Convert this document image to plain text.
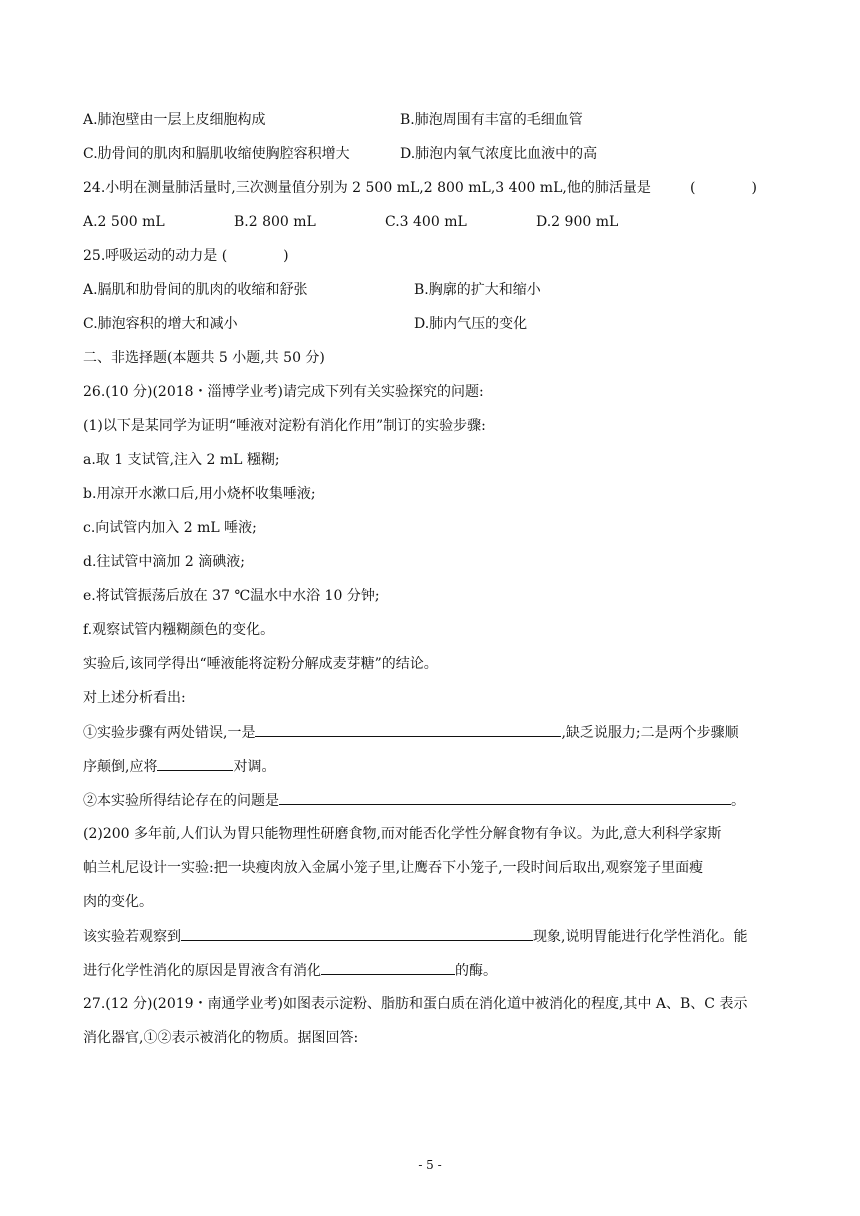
A.肺泡壁由一层上皮细胞构成	B.肺泡周围有丰富的毛细血管
C.肋骨间的肌肉和膈肌收缩使胸腔容积增大	D.肺泡内氧气浓度比血液中的高
24.小明在测量肺活量时,三次测量值分别为 2 500 mL,2 800 mL,3 400 mL,他的肺活量是	(　　　　)
A.2 500 mL	B.2 800 mL	C.3 400 mL	D.2 900 mL
25.呼吸运动的动力是 (　　　　)
A.膈肌和肋骨间的肌肉的收缩和舒张	B.胸廓的扩大和缩小
C.肺泡容积的增大和减小	D.肺内气压的变化
二、非选择题(本题共 5 小题,共 50 分)
26.(10 分)(2018・淄博学业考)请完成下列有关实验探究的问题:
(1)以下是某同学为证明“唾液对淀粉有消化作用”制订的实验步骤:
a.取 1 支试管,注入 2 mL 糨糊;
b.用凉开水漱口后,用小烧杯收集唾液;
c.向试管内加入 2 mL 唾液;
d.往试管中滴加 2 滴碘液;
e.将试管振荡后放在 37 ℃温水中水浴 10 分钟;
f.观察试管内糨糊颜色的变化。
实验后,该同学得出“唾液能将淀粉分解成麦芽糖”的结论。
对上述分析看出:
①实验步骤有两处错误,一是	,缺乏说服力;二是两个步骤顺
序颠倒,应将	对调。
②本实验所得结论存在的问题是	。
(2)200 多年前,人们认为胃只能物理性研磨食物,而对能否化学性分解食物有争议。为此,意大利科学家斯
帕兰札尼设计一实验:把一块瘦肉放入金属小笼子里,让鹰吞下小笼子,一段时间后取出,观察笼子里面瘦
肉的变化。
该实验若观察到	现象,说明胃能进行化学性消化。能
进行化学性消化的原因是胃液含有消化	的酶。
27.(12 分)(2019・南通学业考)如图表示淀粉、脂肪和蛋白质在消化道中被消化的程度,其中 A、B、C 表示
消化器官,①②表示被消化的物质。据图回答:
- 5 -
